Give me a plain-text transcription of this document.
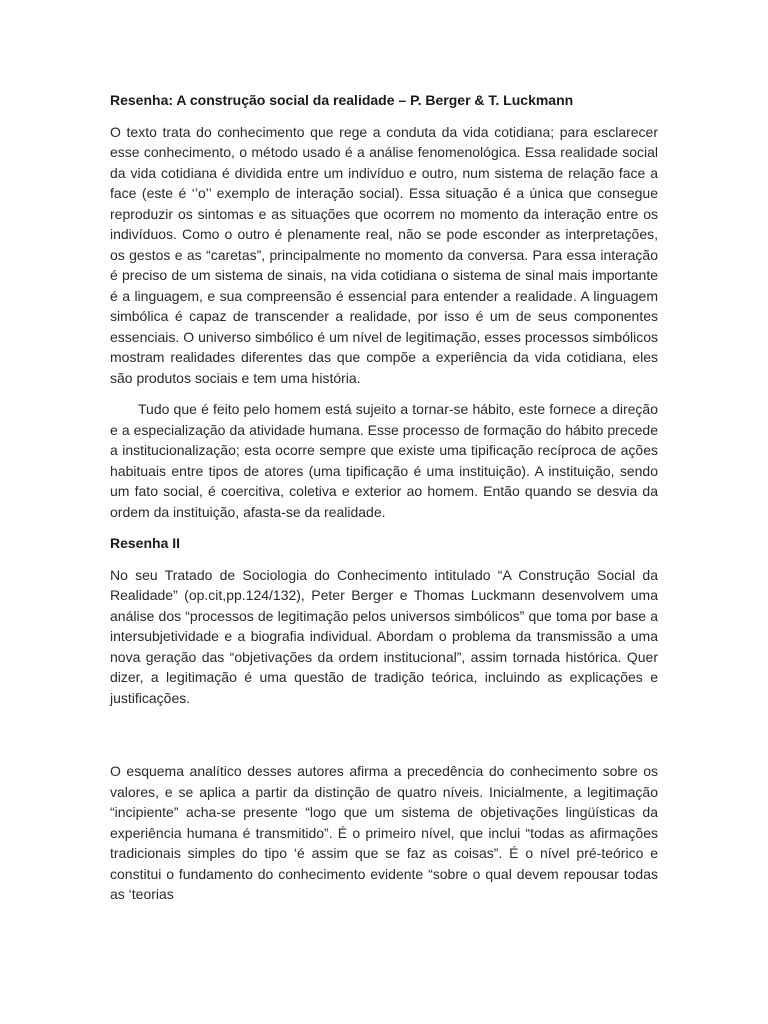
Resenha: A construção social da realidade – P. Berger & T. Luckmann

O texto trata do conhecimento que rege a conduta da vida cotidiana; para esclarecer esse conhecimento, o método usado é a análise fenomenológica. Essa realidade social da vida cotidiana é dividida entre um indivíduo e outro, num sistema de relação face a face (este é ‘’o’’ exemplo de interação social). Essa situação é a única que consegue reproduzir os sintomas e as situações que ocorrem no momento da interação entre os indivíduos. Como o outro é plenamente real, não se pode esconder as interpretações, os gestos e as “caretas”, principalmente no momento da conversa. Para essa interação é preciso de um sistema de sinais, na vida cotidiana o sistema de sinal mais importante é a linguagem, e sua compreensão é essencial para entender a realidade. A linguagem simbólica é capaz de transcender a realidade, por isso é um de seus componentes essenciais. O universo simbólico é um nível de legitimação, esses processos simbólicos mostram realidades diferentes das que compõe a experiência da vida cotidiana, eles são produtos sociais e tem uma história.

Tudo que é feito pelo homem está sujeito a tornar-se hábito, este fornece a direção e a especialização da atividade humana. Esse processo de formação do hábito precede a institucionalização; esta ocorre sempre que existe uma tipificação recíproca de ações habituais entre tipos de atores (uma tipificação é uma instituição). A instituição, sendo um fato social, é coercitiva, coletiva e exterior ao homem. Então quando se desvia da ordem da instituição, afasta-se da realidade.

Resenha II

No seu Tratado de Sociologia do Conhecimento intitulado “A Construção Social da Realidade” (op.cit,pp.124/132), Peter Berger e Thomas Luckmann desenvolvem uma análise dos “processos de legitimação pelos universos simbólicos” que toma por base a intersubjetividade e a biografia individual. Abordam o problema da transmissão a uma nova geração das “objetivações da ordem institucional”, assim tornada histórica. Quer dizer, a legitimação é uma questão de tradição teórica, incluindo as explicações e justificações.

O esquema analítico desses autores afirma a precedência do conhecimento sobre os valores, e se aplica a partir da distinção de quatro níveis. Inicialmente, a legitimação “incipiente” acha-se presente “logo que um sistema de objetivações lingüísticas da experiência humana é transmitido”. É o primeiro nível, que inclui “todas as afirmações tradicionais simples do tipo ‘é assim que se faz as coisas”. É o nível pré-teórico e constitui o fundamento do conhecimento evidente “sobre o qual devem repousar todas as ‘teorias
